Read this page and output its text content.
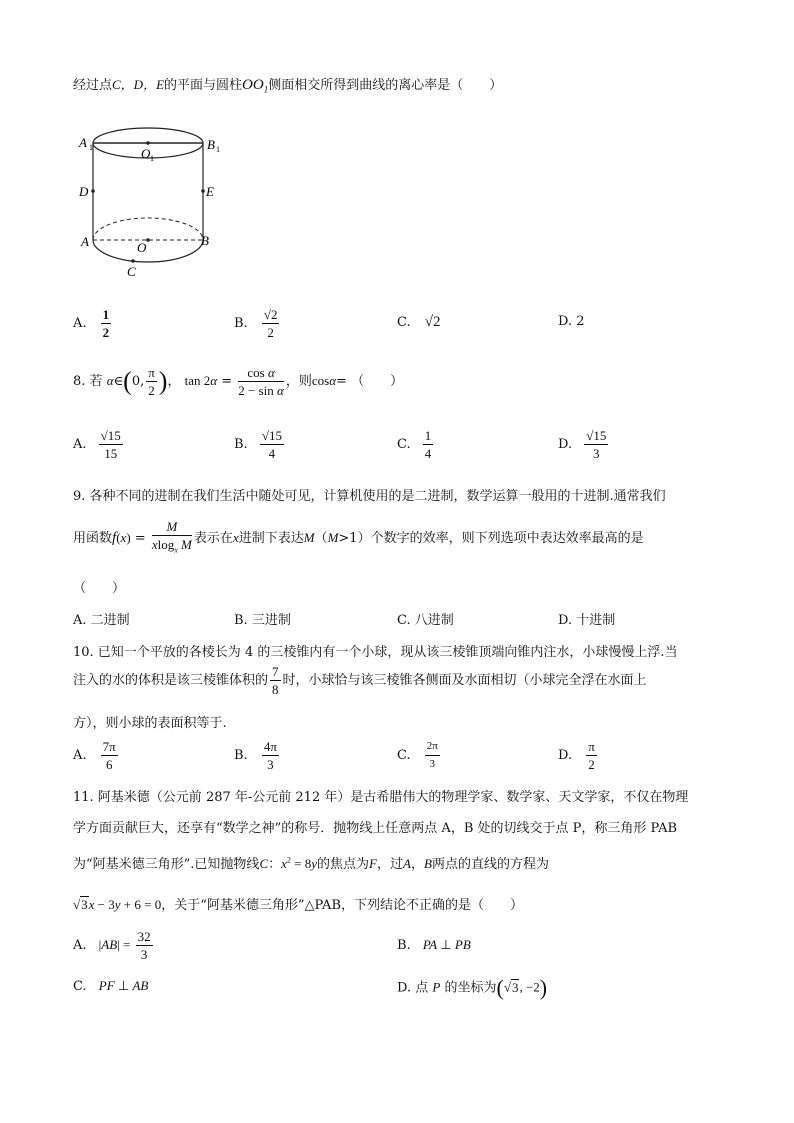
经过点C，D，E的平面与圆柱$OO_1$侧面相交所得到曲线的离心率是（　　）
A 1	B 1
O 1
D	E
A	B
O
C
A. $\frac{1}{2}$	B. $\frac{√2}{2}$	C. √2	D. 2
8. 若 α∈(0, $\frac{\pi}{2}$ )， $\tan 2\alpha = \frac{\text{cos α}}{\text{2 − sin α}}$ ，则cosα= （　　）
A. $\frac{√15}{15}$	B. $\frac{√15}{4}$	C. $\frac{1}{4}$	D. $\frac{√15}{3}$
9. 各种不同的进制在我们生活中随处可见，计算机使用的是二进制，数学运算一般用的十进制.通常我们
用函数$f(x) = \frac{M}{xlog_x M}$ 表示在x进制下表达M（M>1）个数字的效率，则下列选项中表达效率最高的是
（　　）
A. 二进制	B. 三进制	C. 八进制	D. 十进制
10. 已知一个平放的各棱长为 4 的三棱锥内有一个小球，现从该三棱锥顶端向锥内注水，小球慢慢上浮.当
注入的水的体积是该三棱锥体积的 $\frac{7}{8}$ 时，小球恰与该三棱锥各侧面及水面相切（小球完全浮在水面上
方），则小球的表面积等于.
A. $\frac{7\pi}{6}$	B. $\frac{4\pi}{3}$	C. $\frac{2\pi}{3}$	D. $\frac{\pi}{2}$
11. 阿基米德（公元前 287 年-公元前 212 年）是古希腊伟大的物理学家、数学家、天文学家，不仅在物理
学方面贡献巨大，还享有“数学之神”的称号．抛物线上任意两点 A，B 处的切线交于点 P，称三角形 PAB
为“阿基米德三角形”.已知抛物线C：$x^2 = 8y$的焦点为F，过A，B两点的直线的方程为
√3x − 3y + 6 = 0，关于“阿基米德三角形”△PAB，下列结论不正确的是（　　）
A. $|AB| = \frac{32}{3}$	B. PA ⊥ PB
C. PF ⊥ AB	D. 点 P 的坐标为(√3, −2)
